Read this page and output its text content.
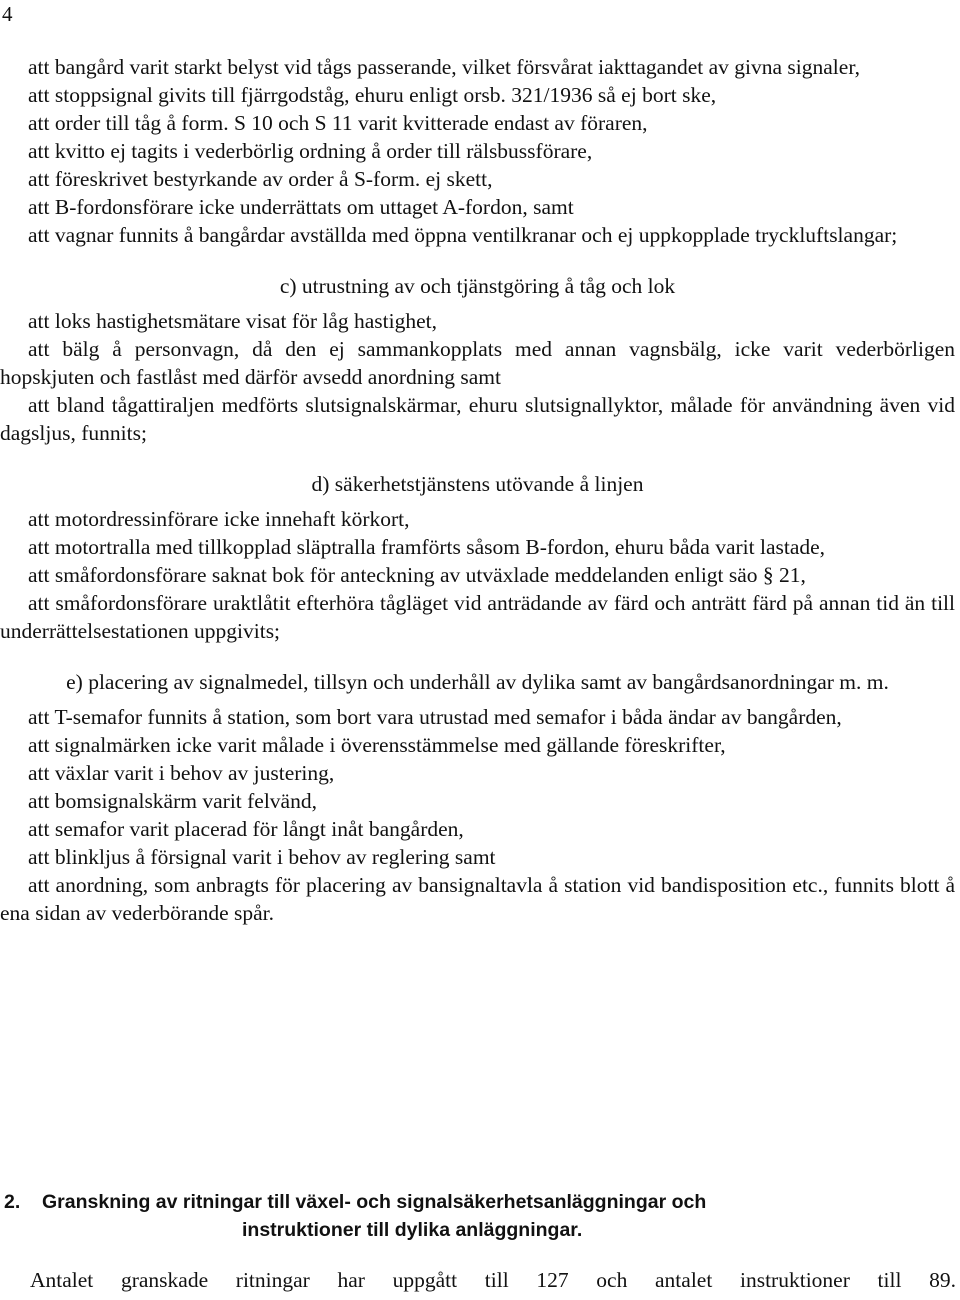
4

att bangård varit starkt belyst vid tågs passerande, vilket försvårat iakttagandet av givna signaler,

att stoppsignal givits till fjärrgodståg, ehuru enligt orsb. 321/1936 så ej bort ske,

att order till tåg å form. S 10 och S 11 varit kvitterade endast av föraren,

att kvitto ej tagits i vederbörlig ordning å order till rälsbussförare,

att föreskrivet bestyrkande av order å S-form. ej skett,

att B-fordonsförare icke underrättats om uttaget A-fordon, samt

att vagnar funnits å bangårdar avställda med öppna ventilkranar och ej uppkopplade tryckluftslangar;

c) utrustning av och tjänstgöring å tåg och lok

att loks hastighetsmätare visat för låg hastighet,

att bälg å personvagn, då den ej sammankopplats med annan vagnsbälg, icke varit vederbörligen hopskjuten och fastlåst med därför avsedd anordning samt

att bland tågattiraljen medförts slutsignalskärmar, ehuru slutsignallyktor, målade för användning även vid dagsljus, funnits;

d) säkerhetstjänstens utövande å linjen

att motordressinförare icke innehaft körkort,

att motortralla med tillkopplad släptralla framförts såsom B-fordon, ehuru båda varit lastade,

att småfordonsförare saknat bok för anteckning av utväxlade meddelanden enligt säo § 21,

att småfordonsförare uraktlåtit efterhöra tågläget vid anträdande av färd och anträtt färd på annan tid än till underrättelsestationen uppgivits;

e) placering av signalmedel, tillsyn och underhåll av dylika samt av bangårdsanordningar m. m.

att T-semafor funnits å station, som bort vara utrustad med semafor i båda ändar av bangården,

att signalmärken icke varit målade i överensstämmelse med gällande föreskrifter,

att växlar varit i behov av justering,

att bomsignalskärm varit felvänd,

att semafor varit placerad för långt inåt bangården,

att blinkljus å försignal varit i behov av reglering samt

att anordning, som anbragts för placering av bansignaltavla å station vid bandisposition etc., funnits blott å ena sidan av vederbörande spår.

2. Granskning av ritningar till växel- och signalsäkerhetsanläggningar och
instruktioner till dylika anläggningar.
Antalet granskade ritningar har uppgått till 127 och antalet instruktioner till 89.
